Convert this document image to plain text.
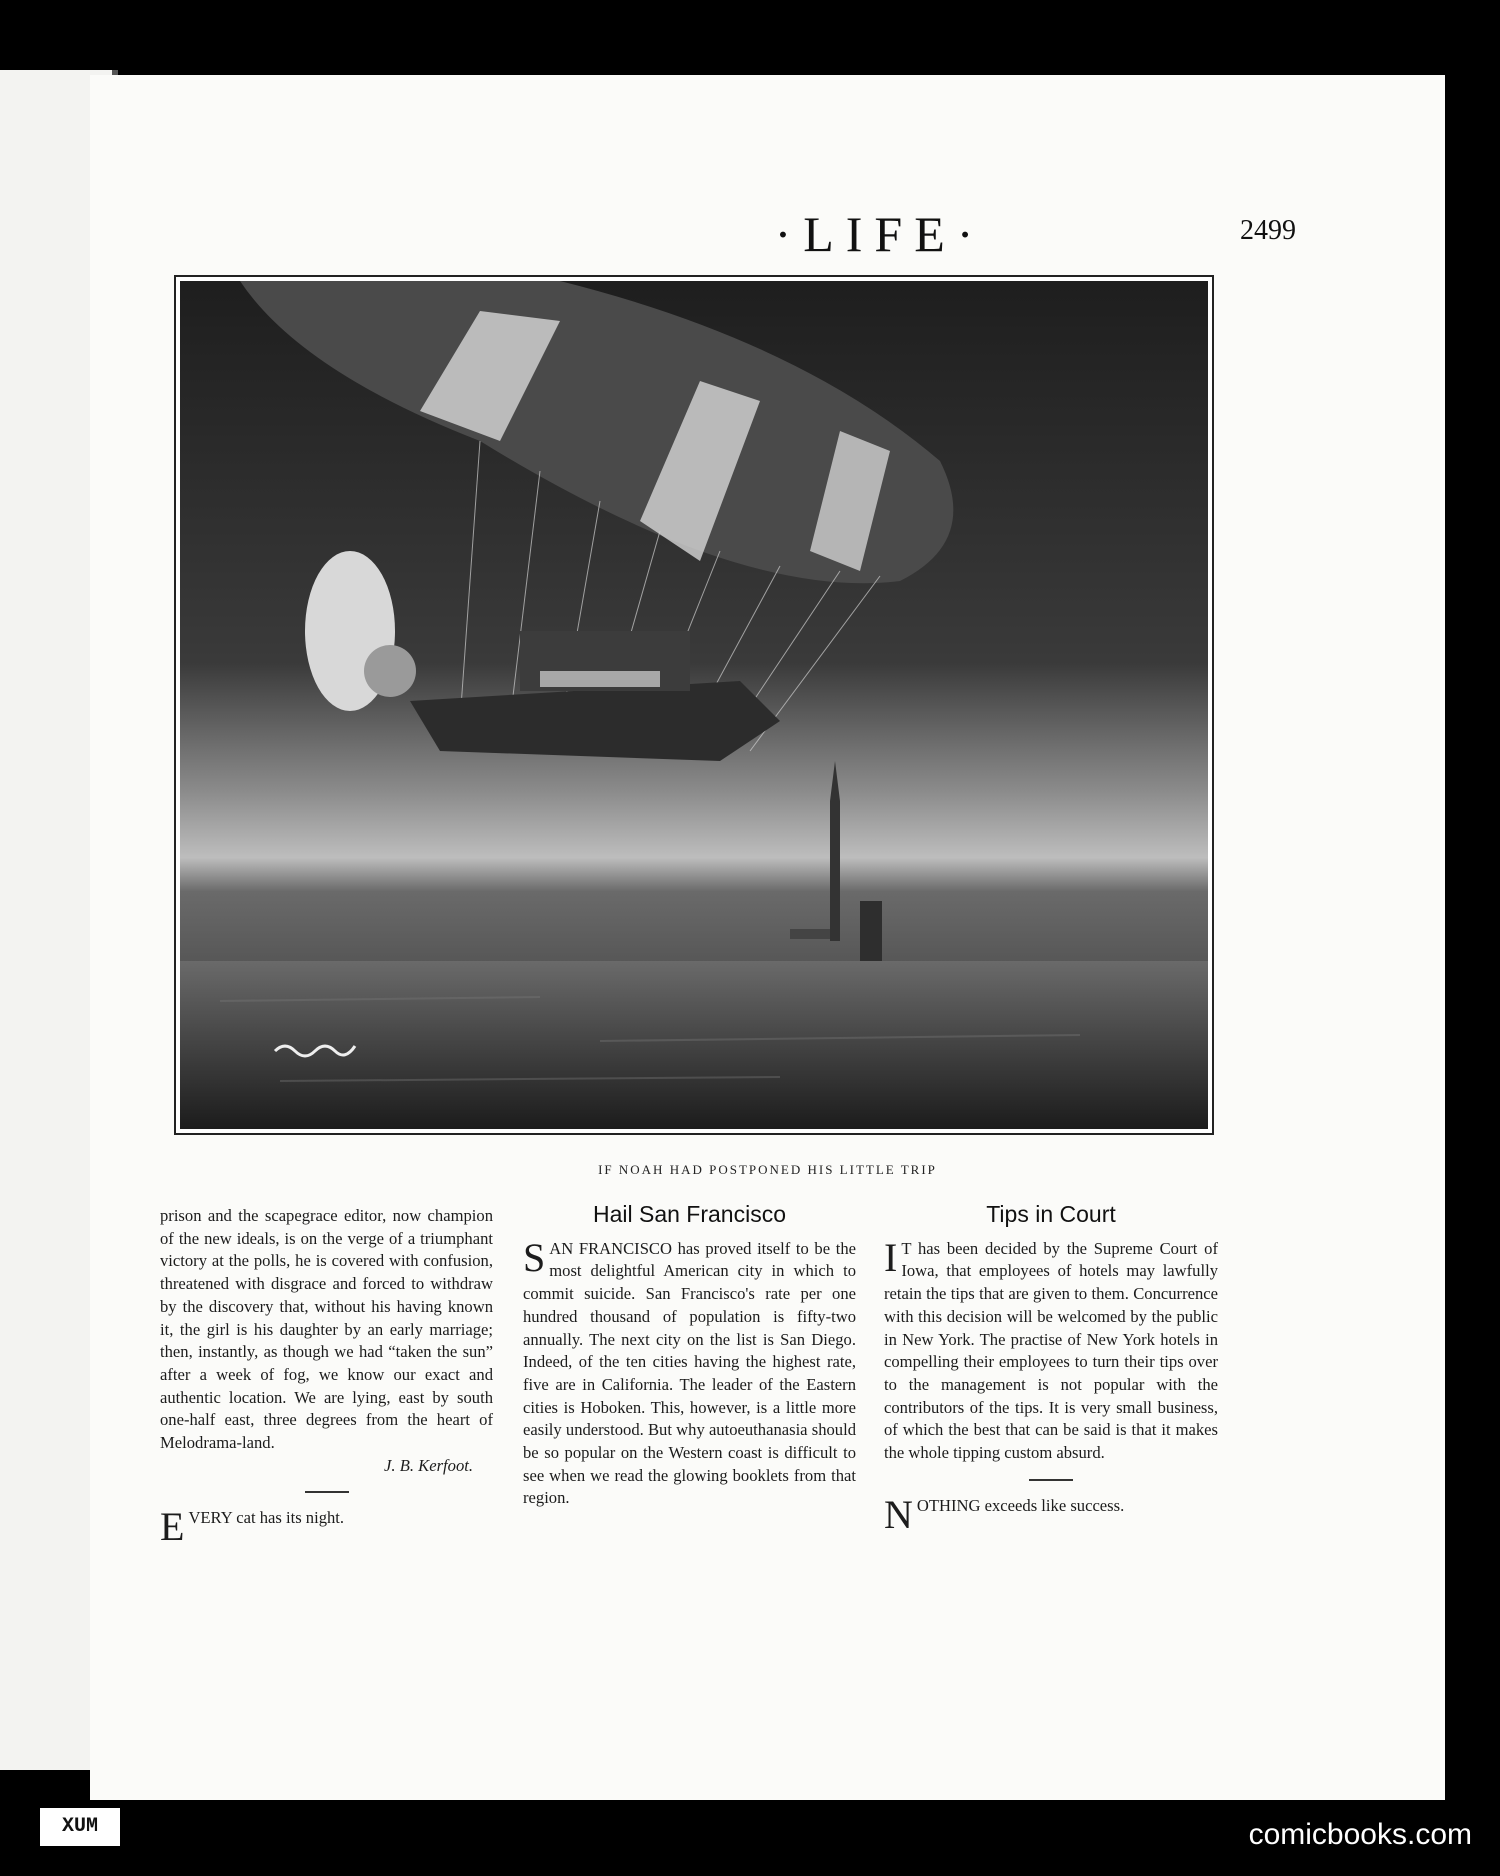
·LIFE·	2499
IF NOAH HAD POSTPONED HIS LITTLE TRIP
prison and the scapegrace editor, now champion of the new ideals, is on the verge of a triumphant victory at the polls, he is covered with confusion, threatened with disgrace and forced to withdraw by the discovery that, without his having known it, the girl is his daughter by an early marriage; then, instantly, as though we had “taken the sun” after a week of fog, we know our exact and authentic location. We are lying, east by south one-half east, three degrees from the heart of Melodrama-land.
J. B. Kerfoot.
EVERY cat has its night.
Hail San Francisco
SAN FRANCISCO has proved itself to be the most delightful American city in which to commit suicide. San Francisco's rate per one hundred thousand of population is fifty-two annually. The next city on the list is San Diego. Indeed, of the ten cities having the highest rate, five are in California. The leader of the Eastern cities is Hoboken. This, however, is a little more easily understood. But why autoeuthanasia should be so popular on the Western coast is difficult to see when we read the glowing booklets from that region.
Tips in Court
IT has been decided by the Supreme Court of Iowa, that employees of hotels may lawfully retain the tips that are given to them. Concurrence with this decision will be welcomed by the public in New York. The practise of New York hotels in compelling their employees to turn their tips over to the management is not popular with the contributors of the tips. It is very small business, of which the best that can be said is that it makes the whole tipping custom absurd.
NOTHING exceeds like success.
XUM	comicbooks.com
